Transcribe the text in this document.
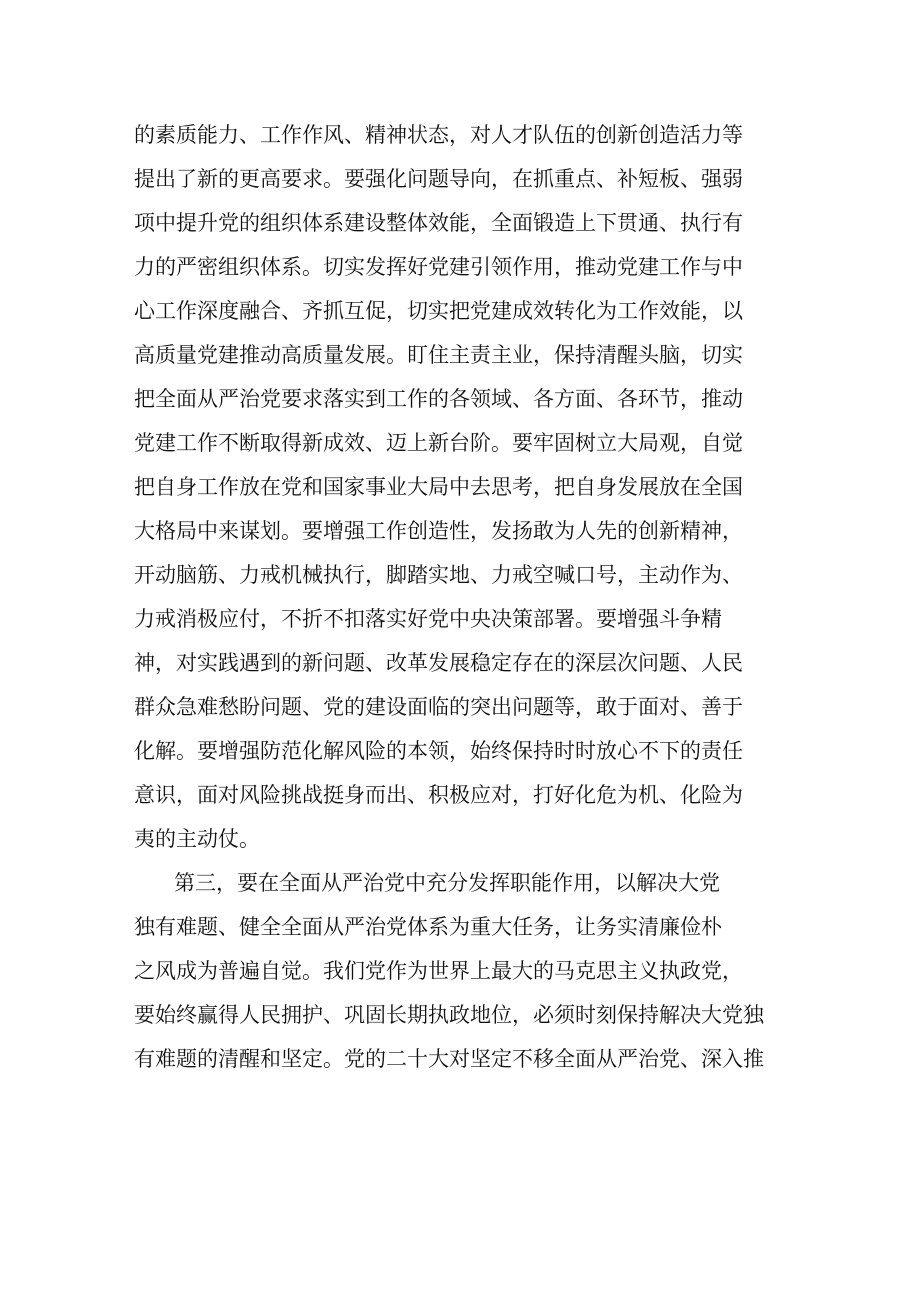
的素质能力、工作作风、精神状态，对人才队伍的创新创造活力等
提出了新的更高要求。要强化问题导向，在抓重点、补短板、强弱
项中提升党的组织体系建设整体效能，全面锻造上下贯通、执行有
力的严密组织体系。切实发挥好党建引领作用，推动党建工作与中
心工作深度融合、齐抓互促，切实把党建成效转化为工作效能，以
高质量党建推动高质量发展。盯住主责主业，保持清醒头脑，切实
把全面从严治党要求落实到工作的各领域、各方面、各环节，推动
党建工作不断取得新成效、迈上新台阶。要牢固树立大局观，自觉
把自身工作放在党和国家事业大局中去思考，把自身发展放在全国
大格局中来谋划。要增强工作创造性，发扬敢为人先的创新精神，
开动脑筋、力戒机械执行，脚踏实地、力戒空喊口号，主动作为、
力戒消极应付，不折不扣落实好党中央决策部署。要增强斗争精
神，对实践遇到的新问题、改革发展稳定存在的深层次问题、人民
群众急难愁盼问题、党的建设面临的突出问题等，敢于面对、善于
化解。要增强防范化解风险的本领，始终保持时时放心不下的责任
意识，面对风险挑战挺身而出、积极应对，打好化危为机、化险为
夷的主动仗。
第三，要在全面从严治党中充分发挥职能作用，以解决大党
独有难题、健全全面从严治党体系为重大任务，让务实清廉俭朴
之风成为普遍自觉。我们党作为世界上最大的马克思主义执政党，
要始终赢得人民拥护、巩固长期执政地位，必须时刻保持解决大党独
有难题的清醒和坚定。党的二十大对坚定不移全面从严治党、深入推
